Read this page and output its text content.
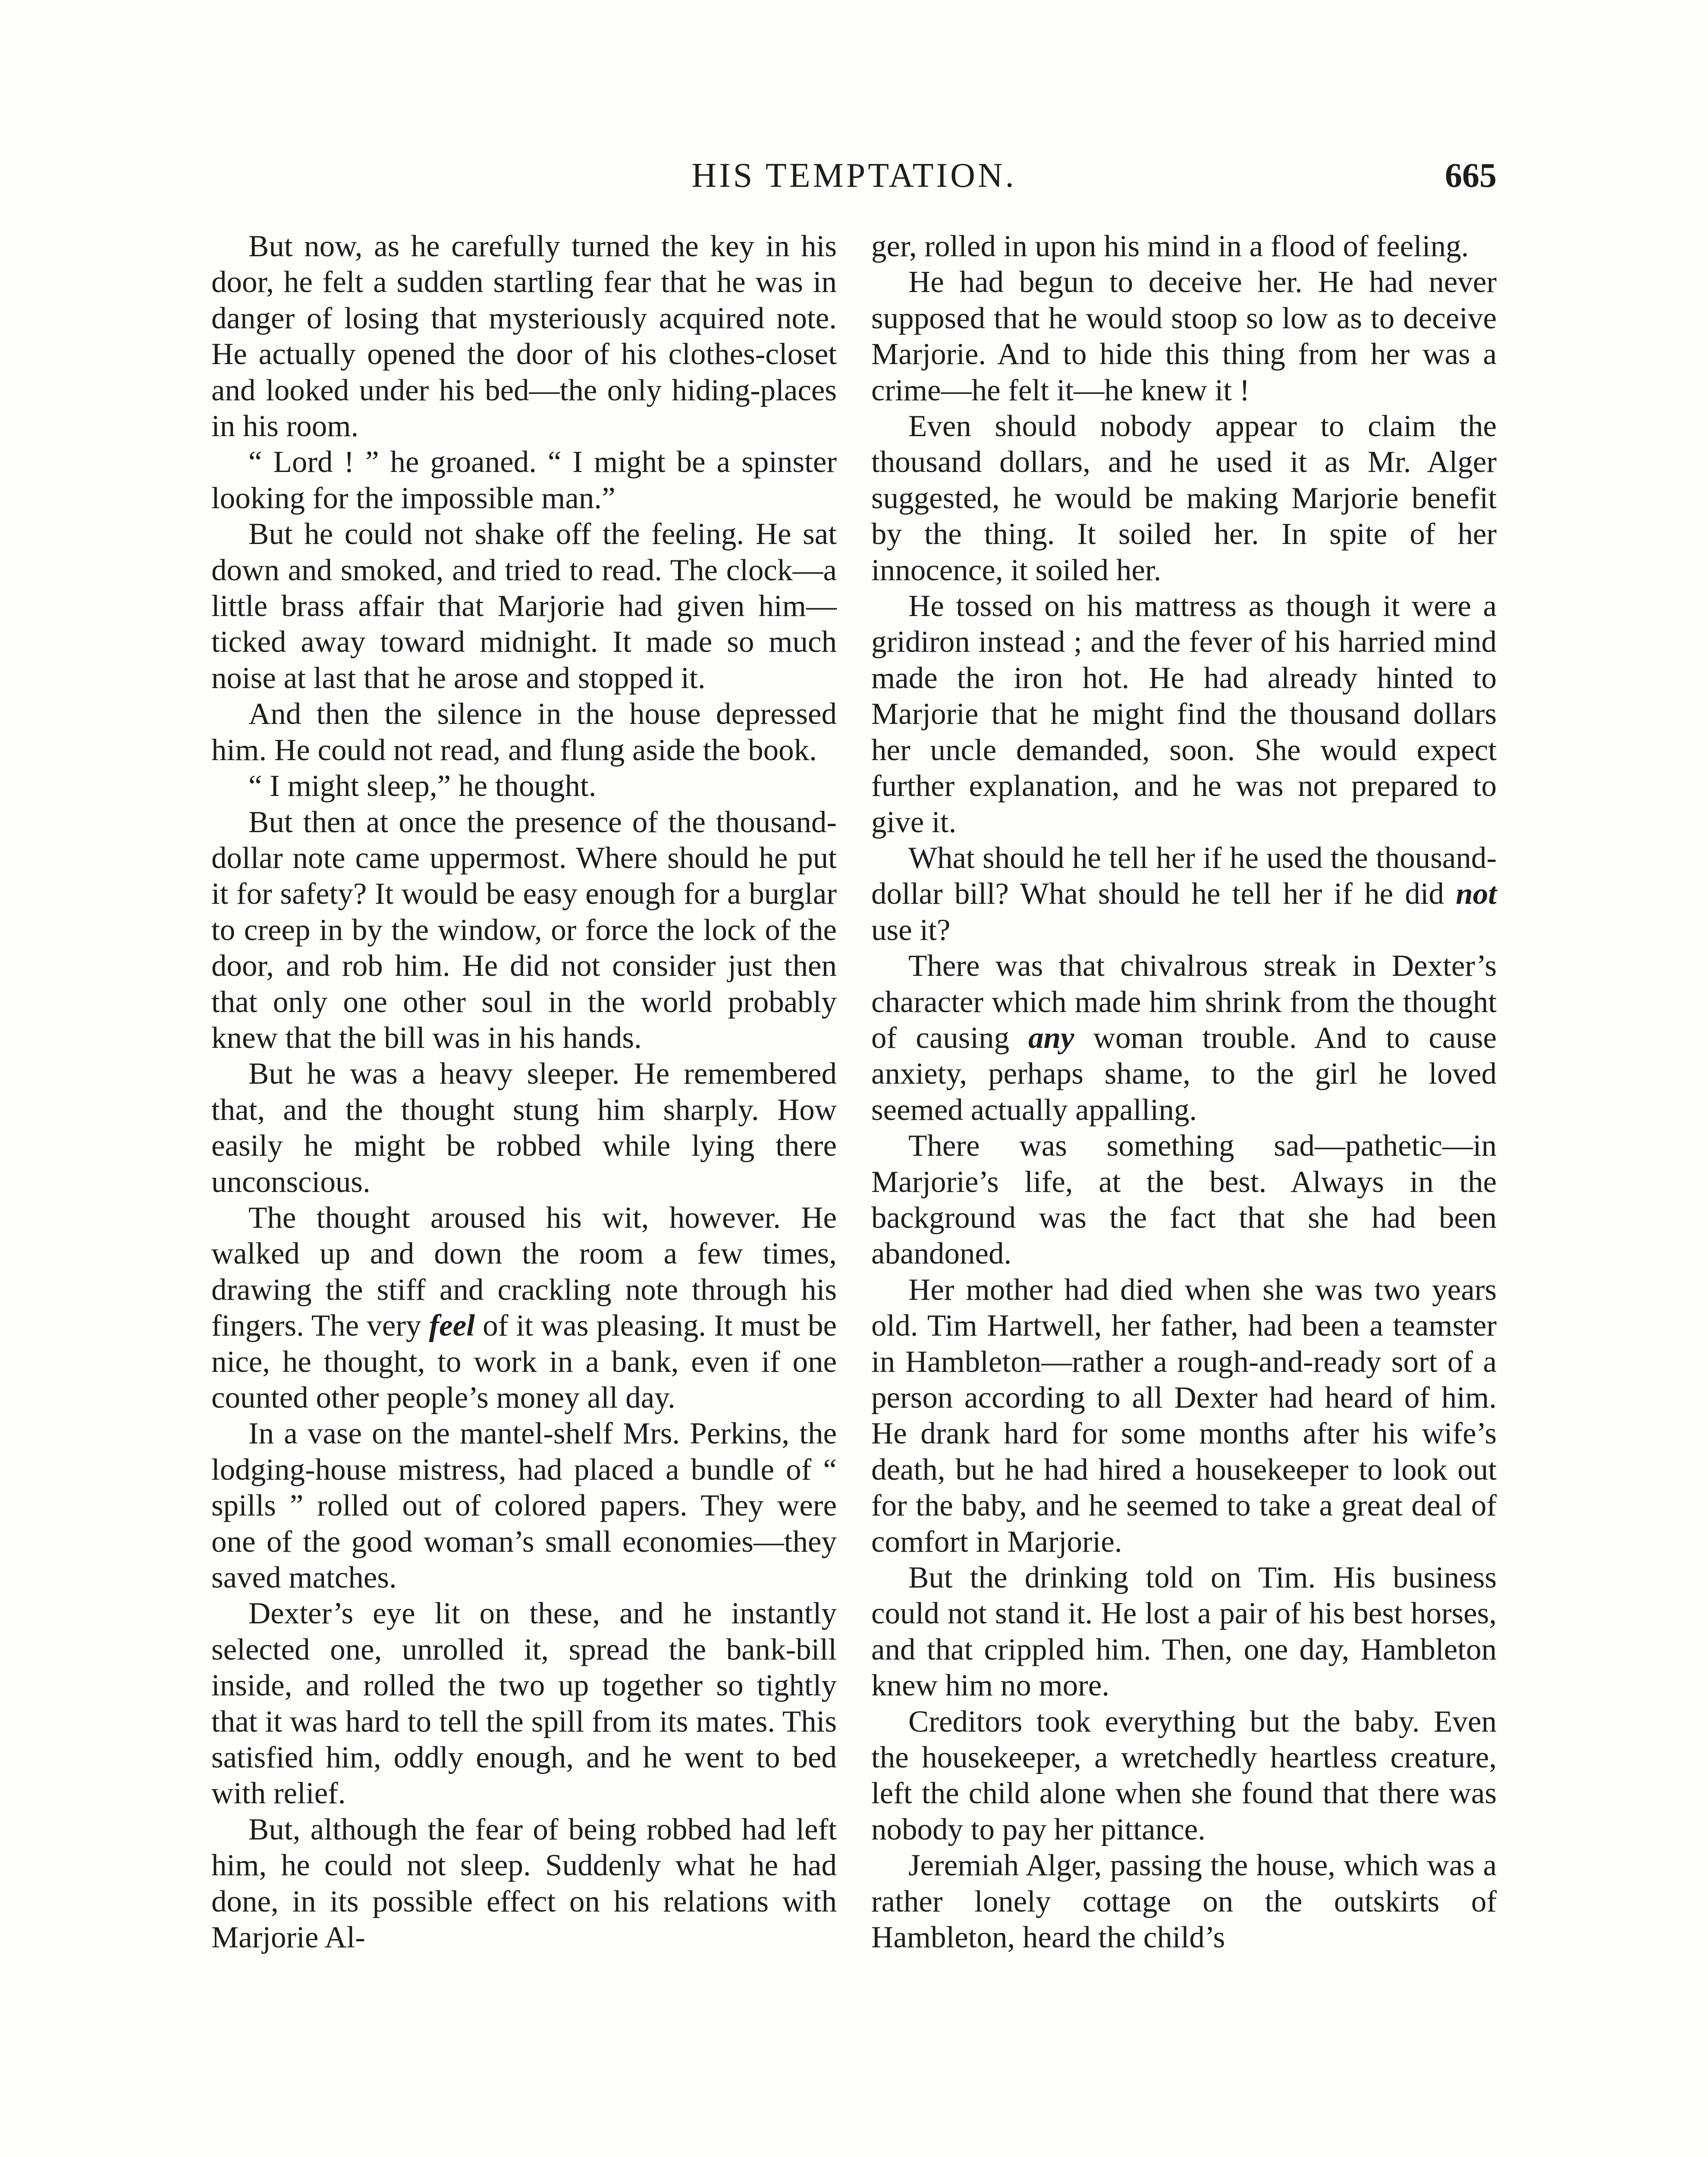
HIS TEMPTATION.	665

But now, as he carefully turned the key in his door, he felt a sudden startling fear that he was in danger of losing that mysteriously acquired note. He actually opened the door of his clothes-closet and looked under his bed—the only hiding-places in his room.

“ Lord ! ” he groaned. “ I might be a spinster looking for the impossible man.”

But he could not shake off the feeling. He sat down and smoked, and tried to read. The clock—a little brass affair that Marjorie had given him—ticked away toward midnight. It made so much noise at last that he arose and stopped it.

And then the silence in the house depressed him. He could not read, and flung aside the book.

“ I might sleep,” he thought.

But then at once the presence of the thousand-dollar note came uppermost. Where should he put it for safety? It would be easy enough for a burglar to creep in by the window, or force the lock of the door, and rob him. He did not consider just then that only one other soul in the world probably knew that the bill was in his hands.

But he was a heavy sleeper. He remembered that, and the thought stung him sharply. How easily he might be robbed while lying there unconscious.

The thought aroused his wit, however. He walked up and down the room a few times, drawing the stiff and crackling note through his fingers. The very feel of it was pleasing. It must be nice, he thought, to work in a bank, even if one counted other people’s money all day.

In a vase on the mantel-shelf Mrs. Perkins, the lodging-house mistress, had placed a bundle of “ spills ” rolled out of colored papers. They were one of the good woman’s small economies—they saved matches.

Dexter’s eye lit on these, and he instantly selected one, unrolled it, spread the bank-bill inside, and rolled the two up together so tightly that it was hard to tell the spill from its mates. This satisfied him, oddly enough, and he went to bed with relief.

But, although the fear of being robbed had left him, he could not sleep. Suddenly what he had done, in its possible effect on his relations with Marjorie Al-

ger, rolled in upon his mind in a flood of feeling.

He had begun to deceive her. He had never supposed that he would stoop so low as to deceive Marjorie. And to hide this thing from her was a crime—he felt it—he knew it !

Even should nobody appear to claim the thousand dollars, and he used it as Mr. Alger suggested, he would be making Marjorie benefit by the thing. It soiled her. In spite of her innocence, it soiled her.

He tossed on his mattress as though it were a gridiron instead ; and the fever of his harried mind made the iron hot. He had already hinted to Marjorie that he might find the thousand dollars her uncle demanded, soon. She would expect further explanation, and he was not prepared to give it.

What should he tell her if he used the thousand-dollar bill? What should he tell her if he did not use it?

There was that chivalrous streak in Dexter’s character which made him shrink from the thought of causing any woman trouble. And to cause anxiety, perhaps shame, to the girl he loved seemed actually appalling.

There was something sad—pathetic—in Marjorie’s life, at the best. Always in the background was the fact that she had been abandoned.

Her mother had died when she was two years old. Tim Hartwell, her father, had been a teamster in Hambleton—rather a rough-and-ready sort of a person according to all Dexter had heard of him. He drank hard for some months after his wife’s death, but he had hired a housekeeper to look out for the baby, and he seemed to take a great deal of comfort in Marjorie.

But the drinking told on Tim. His business could not stand it. He lost a pair of his best horses, and that crippled him. Then, one day, Hambleton knew him no more.

Creditors took everything but the baby. Even the housekeeper, a wretchedly heartless creature, left the child alone when she found that there was nobody to pay her pittance.

Jeremiah Alger, passing the house, which was a rather lonely cottage on the outskirts of Hambleton, heard the child’s
